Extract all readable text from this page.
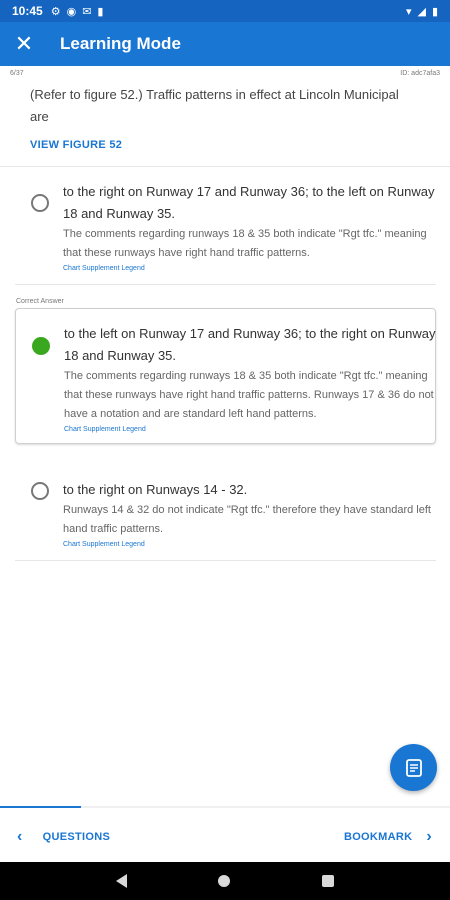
10:45 ⚙ ◉ ✉ ▮	▾ ◢ ▮
✕	Learning Mode
6/37	ID: adc7afa3
(Refer to figure 52.) Traffic patterns in effect at Lincoln Municipal are
VIEW FIGURE 52
to the right on Runway 17 and Runway 36; to the left on Runway 18 and Runway 35.
The comments regarding runways 18 & 35 both indicate "Rgt tfc." meaning that these runways have right hand traffic patterns.
Chart Supplement Legend
Correct Answer
to the left on Runway 17 and Runway 36; to the right on Runway 18 and Runway 35.
The comments regarding runways 18 & 35 both indicate "Rgt tfc." meaning that these runways have right hand traffic patterns. Runways 17 & 36 do not have a notation and are standard left hand patterns.
Chart Supplement Legend
to the right on Runways 14 - 32.
Runways 14 & 32 do not indicate "Rgt tfc." therefore they have standard left hand traffic patterns.
Chart Supplement Legend
‹ QUESTIONS	BOOKMARK ›
